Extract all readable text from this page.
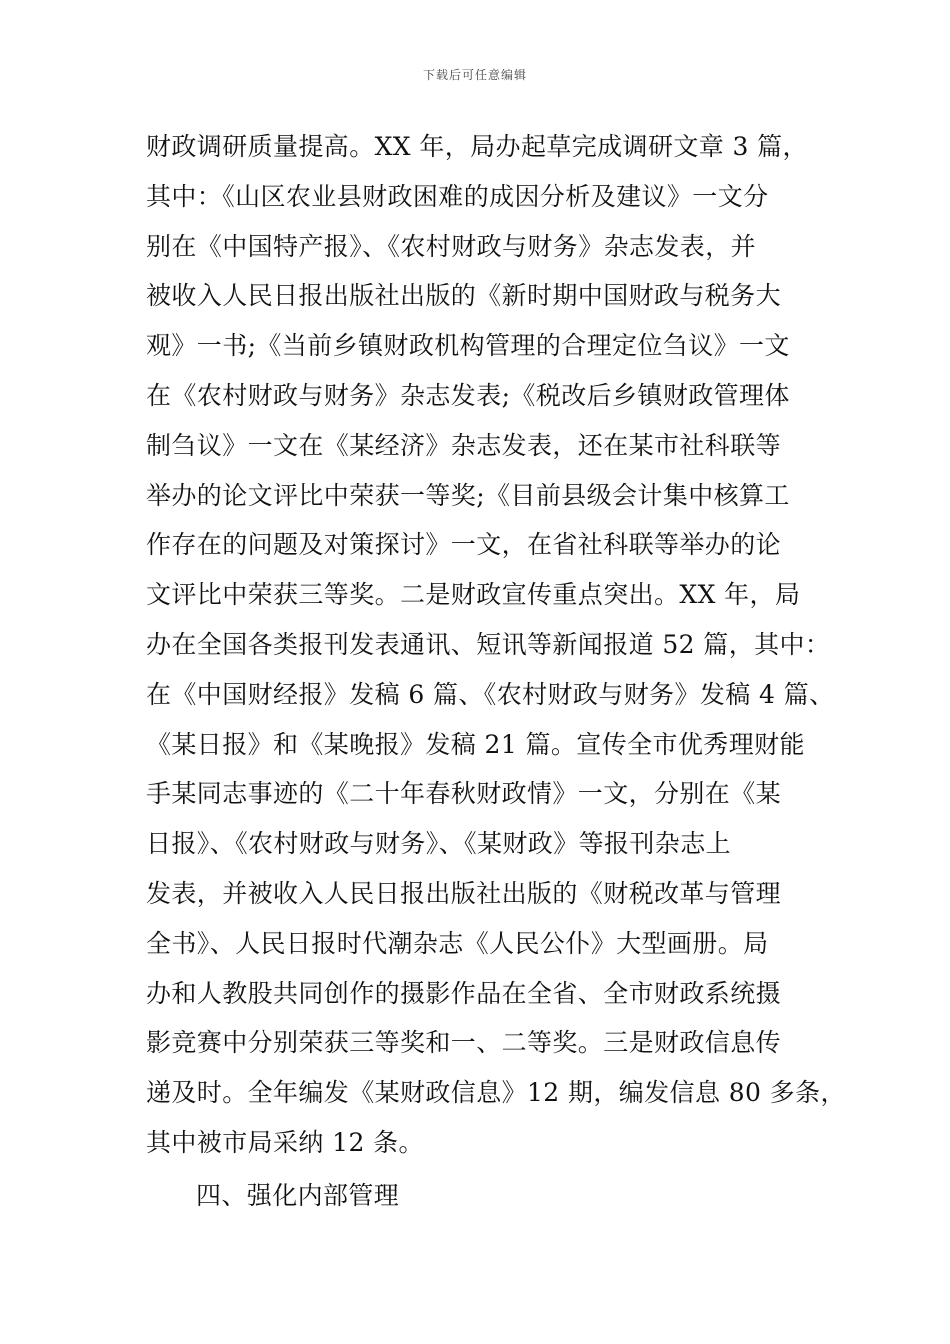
下载后可任意编辑
财政调研质量提高。XX 年，局办起草完成调研文章 3 篇，
其中：《山区农业县财政困难的成因分析及建议》一文分
别在《中国特产报》、《农村财政与财务》杂志发表，并
被收入人民日报出版社出版的《新时期中国财政与税务大
观》一书;《当前乡镇财政机构管理的合理定位刍议》一文
在《农村财政与财务》杂志发表;《税改后乡镇财政管理体
制刍议》一文在《某经济》杂志发表，还在某市社科联等
举办的论文评比中荣获一等奖;《目前县级会计集中核算工
作存在的问题及对策探讨》一文，在省社科联等举办的论
文评比中荣获三等奖。二是财政宣传重点突出。XX 年，局
办在全国各类报刊发表通讯、短讯等新闻报道 52 篇，其中：
在《中国财经报》发稿 6 篇、《农村财政与财务》发稿 4 篇、
《某日报》和《某晚报》发稿 21 篇。宣传全市优秀理财能
手某同志事迹的《二十年春秋财政情》一文，分别在《某
日报》、《农村财政与财务》、《某财政》等报刊杂志上
发表，并被收入人民日报出版社出版的《财税改革与管理
全书》、人民日报时代潮杂志《人民公仆》大型画册。局
办和人教股共同创作的摄影作品在全省、全市财政系统摄
影竞赛中分别荣获三等奖和一、二等奖。三是财政信息传
递及时。全年编发《某财政信息》12 期，编发信息 80 多条，
其中被市局采纳 12 条。
四、强化内部管理
